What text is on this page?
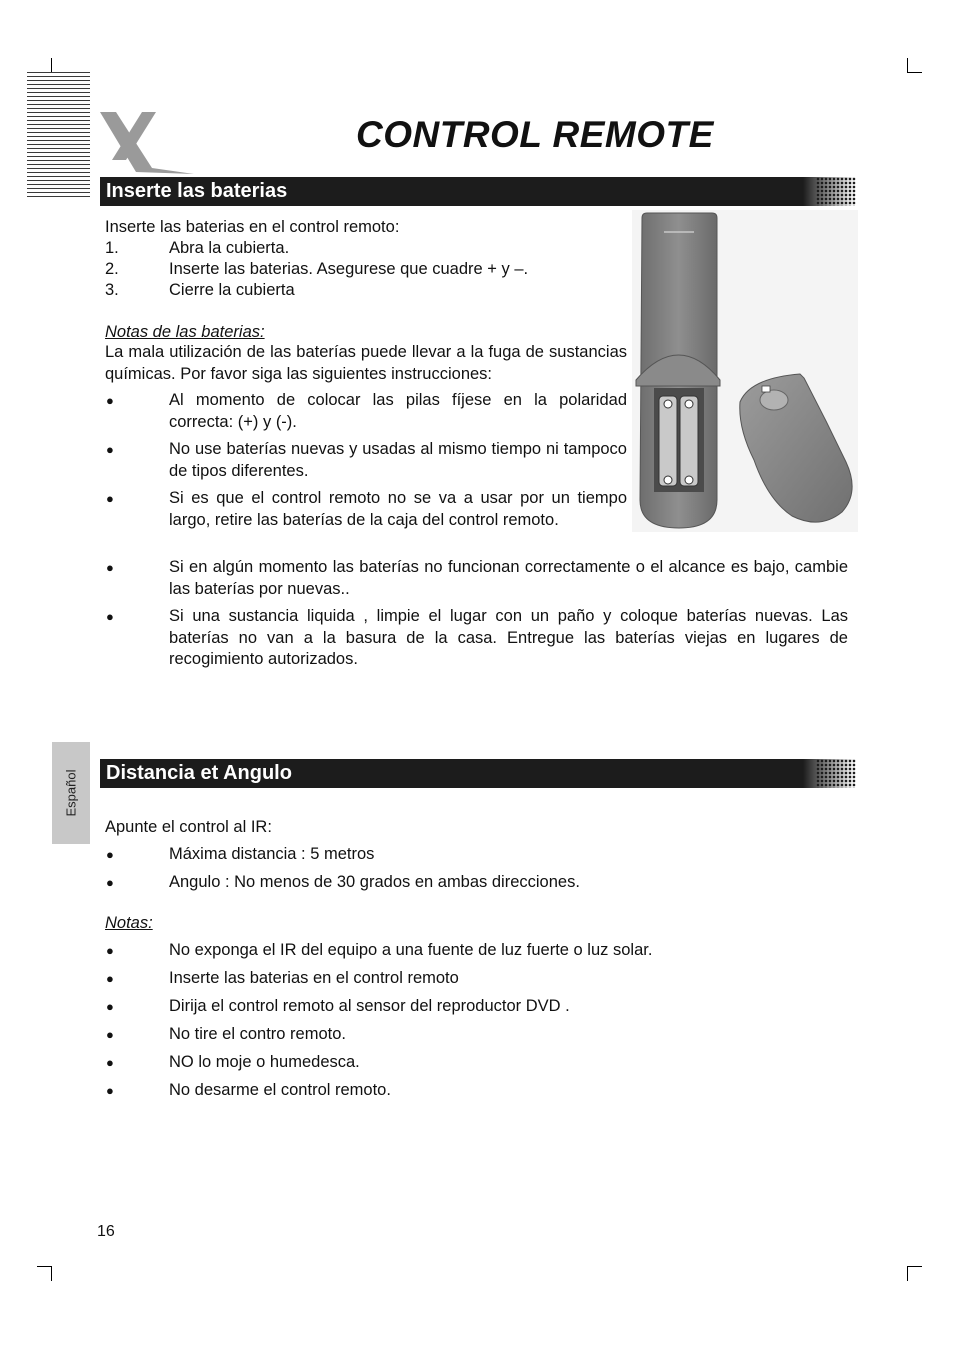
CONTROL REMOTE
Inserte las baterias
Inserte las baterias en el control remoto:
1.	Abra la cubierta.
2.	Inserte las baterias. Asegurese que cuadre + y –.
3.	Cierre la cubierta
Notas de las baterias:
La mala utilización de las baterías puede llevar a la fuga de sustancias químicas. Por favor siga las siguientes instrucciones:
●	Al momento de colocar las pilas fíjese en la polaridad correcta: (+) y (-).
●	No use baterías nuevas y usadas al mismo tiempo ni tampoco de tipos diferentes.
●	Si es que el control remoto no se va a usar por un tiempo largo, retire las baterías de la caja del control remoto.
●	Si en algún momento las baterías no funcionan correctamente o el alcance es bajo, cambie las baterías por nuevas..
●	Si una sustancia liquida , limpie el lugar con un paño y coloque baterías nuevas. Las baterías no van a la basura de la casa. Entregue las baterías viejas en lugares de recogimiento autorizados.
Distancia et Angulo
Español
Apunte el control al IR:
●	Máxima distancia : 5 metros
●	Angulo : No menos de 30 grados en ambas direcciones.
Notas:
●	No exponga el IR del equipo a una fuente de luz fuerte o luz solar.
●	Inserte las baterias en el control remoto
●	Dirija el control remoto al sensor del reproductor DVD .
●	No tire el contro remoto.
●	NO lo moje o humedesca.
●	No desarme el control remoto.
16
